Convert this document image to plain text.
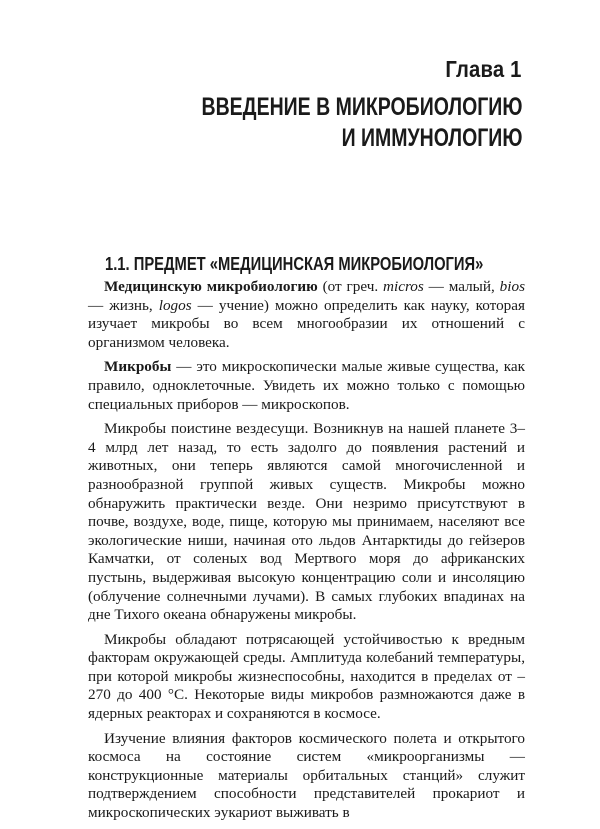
Глава 1
ВВЕДЕНИЕ В МИКРОБИОЛОГИЮ
И ИММУНОЛОГИЮ
1.1. ПРЕДМЕТ «МЕДИЦИНСКАЯ МИКРОБИОЛОГИЯ»

Медицинскую микробиологию (от греч. micros — малый, bios — жизнь, logos — учение) можно определить как науку, которая изучает микробы во всем многообразии их отношений с организмом человека.

Микробы — это микроскопически малые живые существа, как правило, одноклеточные. Увидеть их можно только с помощью специальных приборов — микроскопов.

Микробы поистине вездесущи. Возникнув на нашей планете 3–4 млрд лет назад, то есть задолго до появления растений и животных, они теперь являются самой многочисленной и разнообразной группой живых существ. Микробы можно обнаружить практически везде. Они незримо присутствуют в почве, воздухе, воде, пище, которую мы принимаем, населяют все экологические ниши, начиная ото льдов Антарктиды до гейзеров Камчатки, от соленых вод Мертвого моря до африканских пустынь, выдерживая высокую концентрацию соли и инсоляцию (облучение солнечными лучами). В самых глубоких впадинах на дне Тихого океана обнаружены микробы.

Микробы обладают потрясающей устойчивостью к вредным факторам окружающей среды. Амплитуда колебаний температуры, при которой микробы жизнеспособны, находится в пределах от –270 до 400 °С. Некоторые виды микробов размножаются даже в ядерных реакторах и сохраняются в космосе.

Изучение влияния факторов космического полета и открытого космоса на состояние систем «микроорганизмы — конструкционные материалы орбитальных станций» служит подтверждением способности представителей прокариот и микроскопических эукариот выживать в
